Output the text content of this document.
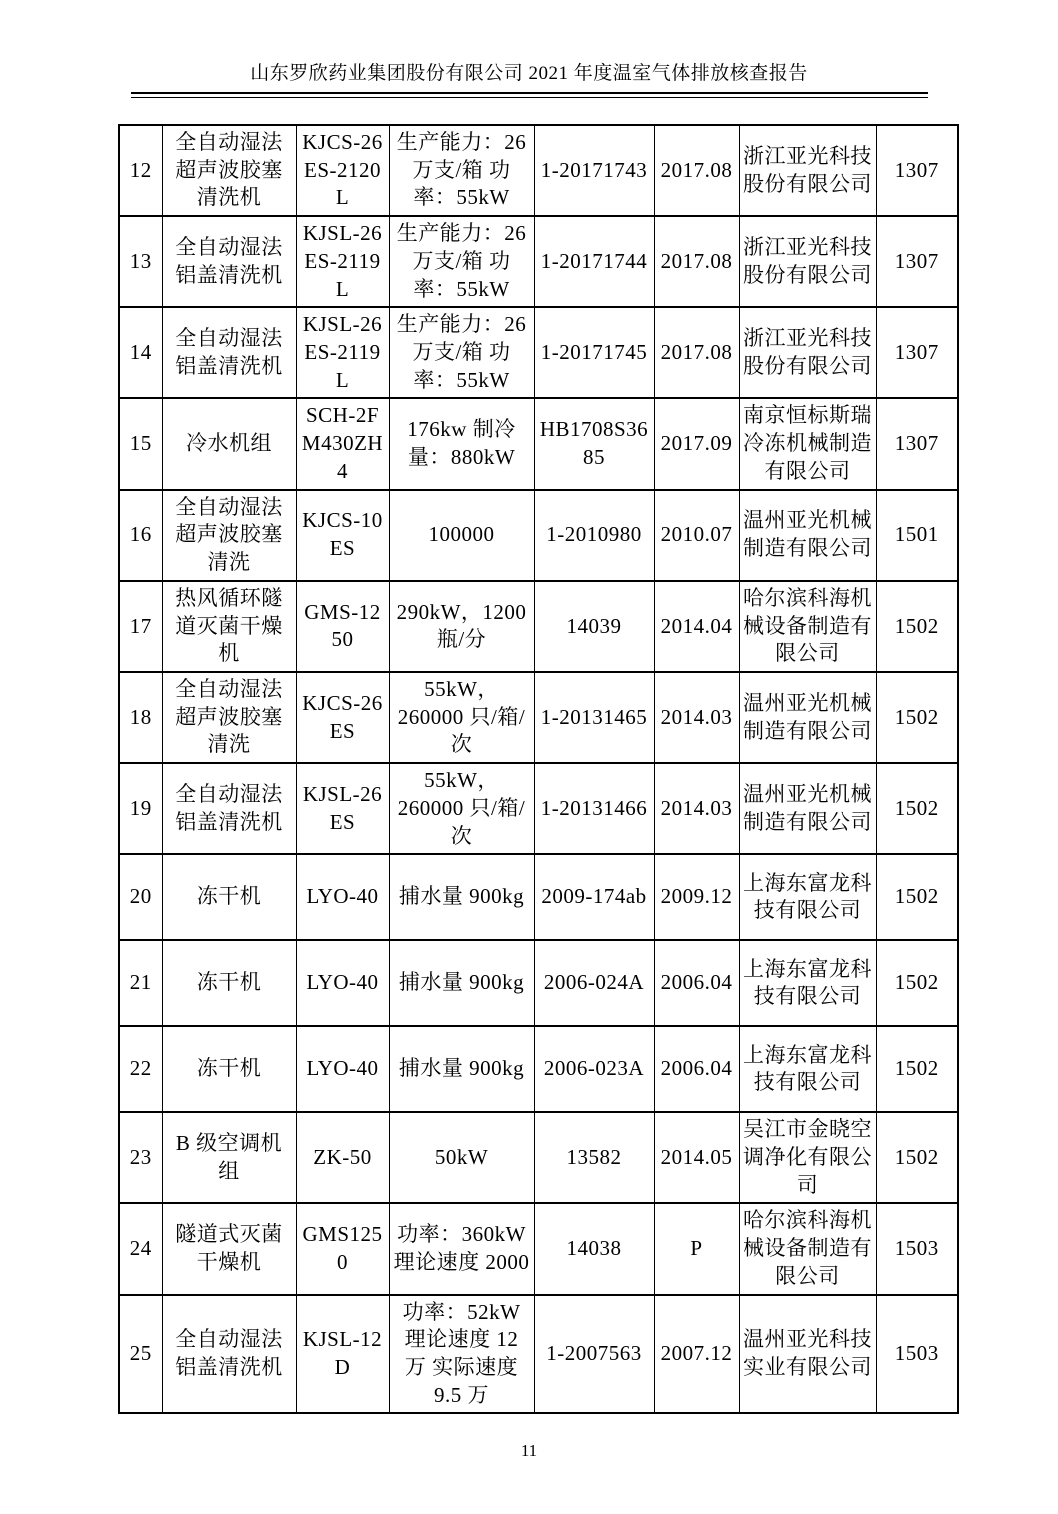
山东罗欣药业集团股份有限公司 2021 年度温室气体排放核查报告
12	全自动湿法超声波胶塞清洗机	KJCS-26ES-2120L	生产能力：26 万支/箱 功率：55kW	1-20171743	2017.08	浙江亚光科技股份有限公司	1307
13	全自动湿法铝盖清洗机	KJSL-26ES-2119L	生产能力：26 万支/箱 功率：55kW	1-20171744	2017.08	浙江亚光科技股份有限公司	1307
14	全自动湿法铝盖清洗机	KJSL-26ES-2119L	生产能力：26 万支/箱 功率：55kW	1-20171745	2017.08	浙江亚光科技股份有限公司	1307
15	冷水机组	SCH-2FM430ZH4	176kw 制冷量：880kW	HB1708S3685	2017.09	南京恒标斯瑞冷冻机械制造有限公司	1307
16	全自动湿法超声波胶塞清洗	KJCS-10ES	100000	1-2010980	2010.07	温州亚光机械制造有限公司	1501
17	热风循环隧道灭菌干燥机	GMS-1250	290kW，1200 瓶/分	14039	2014.04	哈尔滨科海机械设备制造有限公司	1502
18	全自动湿法超声波胶塞清洗	KJCS-26ES	55kW，260000 只/箱/次	1-20131465	2014.03	温州亚光机械制造有限公司	1502
19	全自动湿法铝盖清洗机	KJSL-26ES	55kW，260000 只/箱/次	1-20131466	2014.03	温州亚光机械制造有限公司	1502
20	冻干机	LYO-40	捕水量 900kg	2009-174ab	2009.12	上海东富龙科技有限公司	1502
21	冻干机	LYO-40	捕水量 900kg	2006-024A	2006.04	上海东富龙科技有限公司	1502
22	冻干机	LYO-40	捕水量 900kg	2006-023A	2006.04	上海东富龙科技有限公司	1502
23	B 级空调机组	ZK-50	50kW	13582	2014.05	吴江市金晓空调净化有限公司	1502
24	隧道式灭菌干燥机	GMS1250	功率：360kW 理论速度 2000	14038	P	哈尔滨科海机械设备制造有限公司	1503
25	全自动湿法铝盖清洗机	KJSL-12D	功率：52kW 理论速度 12 万 实际速度 9.5 万	1-2007563	2007.12	温州亚光科技实业有限公司	1503
11
